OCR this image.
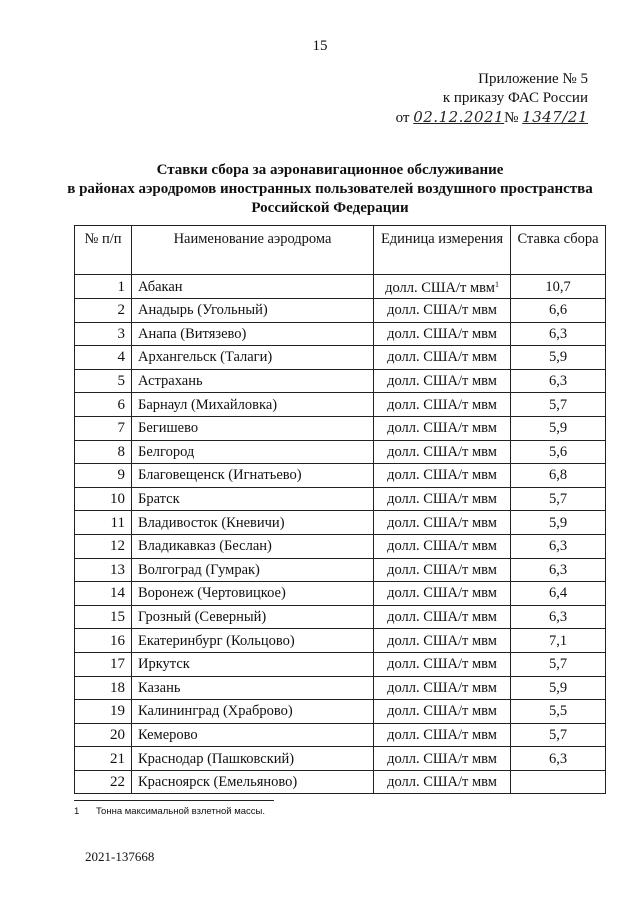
15
Приложение № 5
к приказу ФАС России
от 02.12.2021№ 1347/21
Ставки сбора за аэронавигационное обслуживание
в районах аэродромов иностранных пользователей воздушного пространства
Российской Федерации
№ п/п	Наименование аэродрома	Единица измерения	Ставка сбора
1	Абакан	долл. США/т мвм$^1$	10,7
2	Анадырь (Угольный)	долл. США/т мвм	6,6
3	Анапа (Витязево)	долл. США/т мвм	6,3
4	Архангельск (Талаги)	долл. США/т мвм	5,9
5	Астрахань	долл. США/т мвм	6,3
6	Барнаул (Михайловка)	долл. США/т мвм	5,7
7	Бегишево	долл. США/т мвм	5,9
8	Белгород	долл. США/т мвм	5,6
9	Благовещенск (Игнатьево)	долл. США/т мвм	6,8
10	Братск	долл. США/т мвм	5,7
11	Владивосток (Кневичи)	долл. США/т мвм	5,9
12	Владикавказ (Беслан)	долл. США/т мвм	6,3
13	Волгоград (Гумрак)	долл. США/т мвм	6,3
14	Воронеж (Чертовицкое)	долл. США/т мвм	6,4
15	Грозный (Северный)	долл. США/т мвм	6,3
16	Екатеринбург (Кольцово)	долл. США/т мвм	7,1
17	Иркутск	долл. США/т мвм	5,7
18	Казань	долл. США/т мвм	5,9
19	Калининград (Храброво)	долл. США/т мвм	5,5
20	Кемерово	долл. США/т мвм	5,7
21	Краснодар (Пашковский)	долл. США/т мвм	6,3
22	Красноярск (Емельяново)	долл. США/т мвм	
1 Тонна максимальной взлетной массы.
2021-137668
